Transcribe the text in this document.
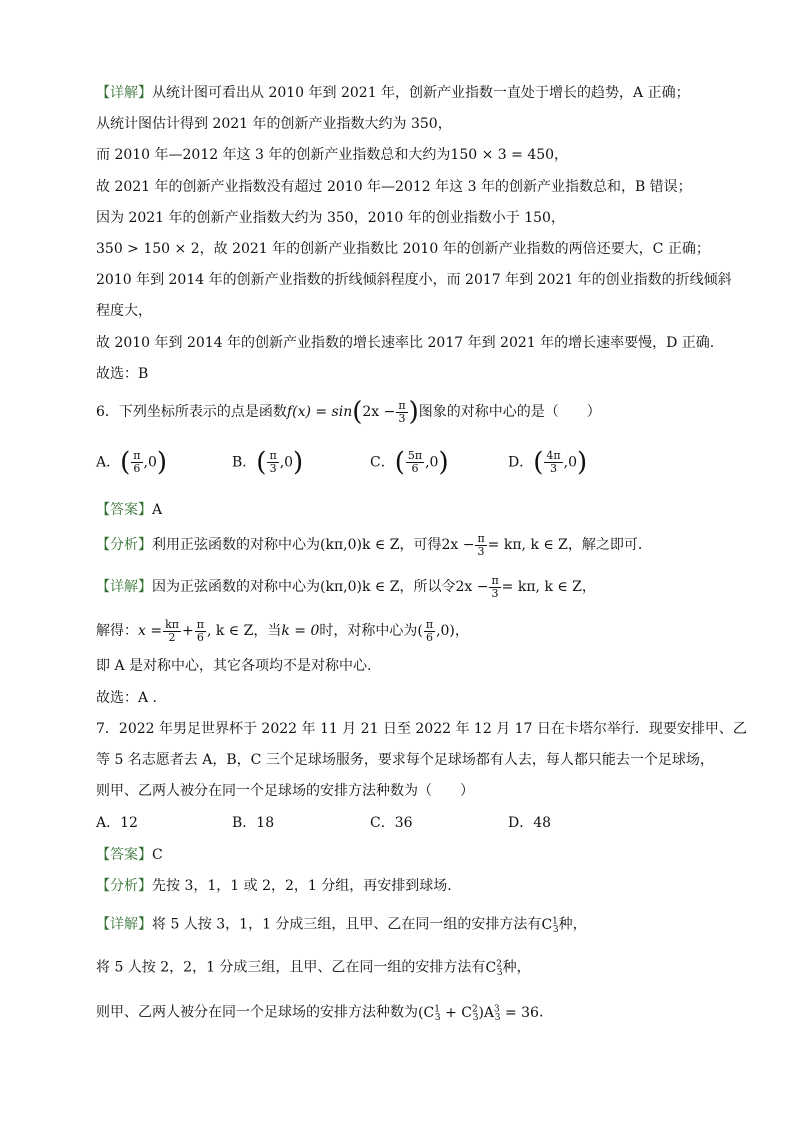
【详解】从统计图可看出从 2010 年到 2021 年，创新产业指数一直处于增长的趋势，A 正确；
从统计图估计得到 2021 年的创新产业指数大约为 350，
而 2010 年—2012 年这 3 年的创新产业指数总和大约为150 × 3 = 450，
故 2021 年的创新产业指数没有超过 2010 年—2012 年这 3 年的创新产业指数总和，B 错误；
因为 2021 年的创新产业指数大约为 350，2010 年的创业指数小于 150，
350 > 150 × 2，故 2021 年的创新产业指数比 2010 年的创新产业指数的两倍还要大，C 正确；
2010 年到 2014 年的创新产业指数的折线倾斜程度小，而 2017 年到 2021 年的创业指数的折线倾斜
程度大，
故 2010 年到 2014 年的创新产业指数的增长速率比 2017 年到 2021 年的增长速率要慢，D 正确.
故选：B
6．下列坐标所表示的点是函数$f(x) = \sin(2x - \frac{\pi}{3}$ )图象的对称中心的是（　　）
A．( $\frac{\pi}{6} ,0$)	B．( $\frac{\pi}{3} ,0$)	C．( $\frac{5\pi}{6} ,0$)	D．( $\frac{4\pi}{3} ,0$)
【答案】A
【分析】利用正弦函数的对称中心为(kπ,0)k ∈ Z，可得$2x - \frac{\pi}{3} = k\pi$, k ∈ Z，解之即可.
【详解】因为正弦函数的对称中心为(kπ,0)k ∈ Z，所以令$2x - \frac{\pi}{3} = k\pi$, k ∈ Z，
解得：$x = \frac{k\pi}{2} + \frac{\pi}{6}$ , k ∈ Z，当k = 0时，对称中心为( $\frac{\pi}{6} ,0$)，
即 A 是对称中心，其它各项均不是对称中心.
故选：A .
7．2022 年男足世界杯于 2022 年 11 月 21 日至 2022 年 12 月 17 日在卡塔尔举行．现要安排甲、乙
等 5 名志愿者去 A，B，C 三个足球场服务，要求每个足球场都有人去，每人都只能去一个足球场，
则甲、乙两人被分在同一个足球场的安排方法种数为（　　）
A．12	B．18	C．36	D．48
【答案】C
【分析】先按 3，1，1 或 2，2，1 分组，再安排到球场.
【详解】将 5 人按 3，1，1 分成三组，且甲、乙在同一组的安排方法有$C^1_3$种，
将 5 人按 2，2，1 分成三组，且甲、乙在同一组的安排方法有$C^2_3$种，
则甲、乙两人被分在同一个足球场的安排方法种数为$(C^1_3 + C^2_3)A^3_3 = 36$.
